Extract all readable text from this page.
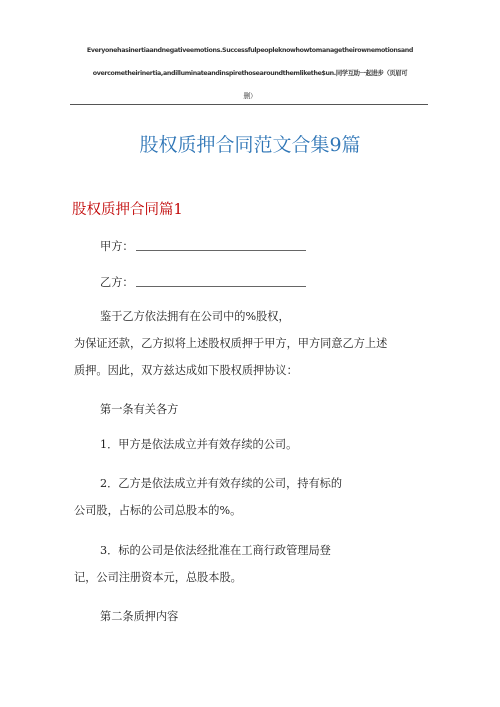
Everyonehasinertiaandnegativeemotions.Successfulpeopleknowhowtomanagetheirownemotionsand
overcometheirinertia,andilluminateandinspirethosearoundthemlikethe$un.同学互助一起进步（页眉可
删）
股权质押合同范文合集9篇
股权质押合同篇1
甲方：
乙方：
鉴于乙方依法拥有在公司中的%股权，
为保证还款，乙方拟将上述股权质押于甲方，甲方同意乙方上述
质押。因此，双方兹达成如下股权质押协议：
第一条有关各方
1．甲方是依法成立并有效存续的公司。
2．乙方是依法成立并有效存续的公司，持有标的
公司股，占标的公司总股本的%。
3．标的公司是依法经批准在工商行政管理局登
记，公司注册资本元，总股本股。
第二条质押内容
